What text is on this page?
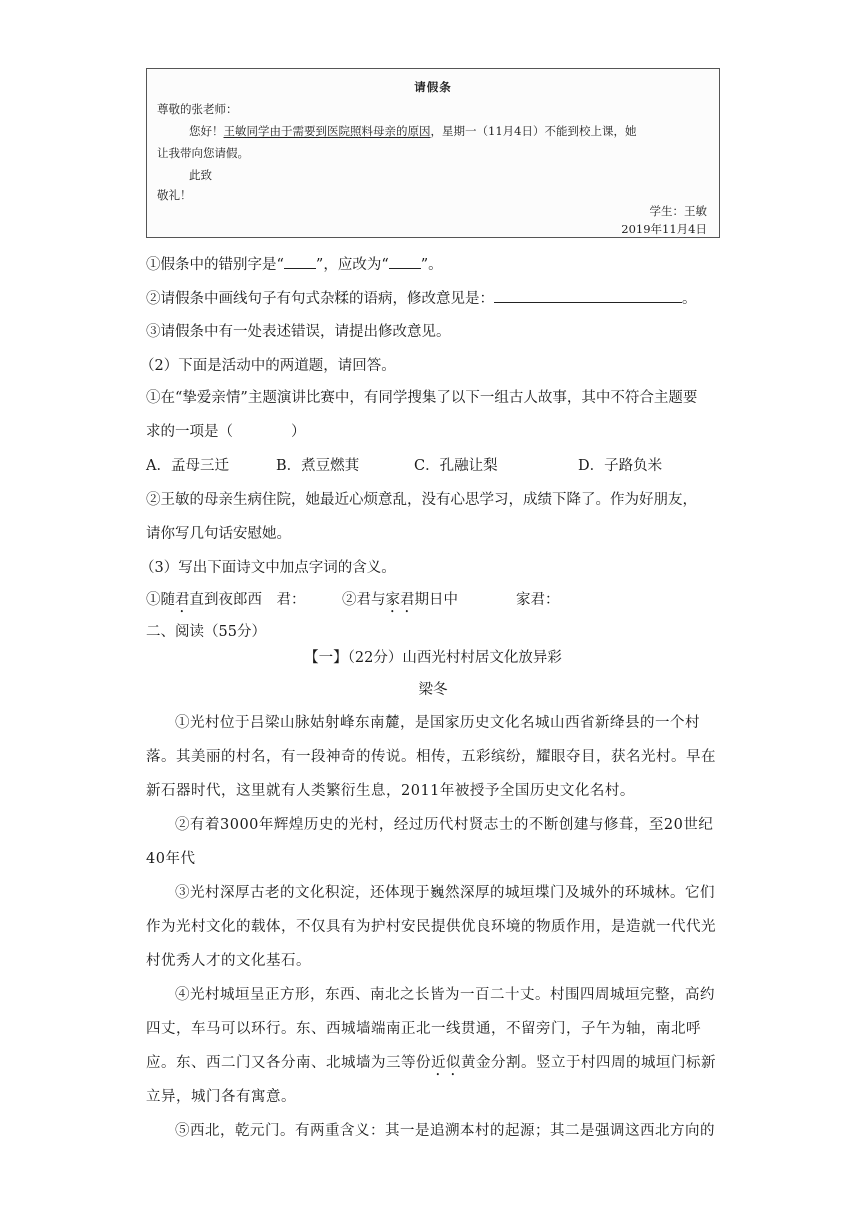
请假条
尊敬的张老师：
您好！王敏同学由于需要到医院照料母亲的原因，星期一（11月4日）不能到校上课，她
让我带向您请假。
此致
敬礼！
学生：王敏
2019年11月4日
①假条中的错别字是“ ”，应改为“ ”。
②请假条中画线句子有句式杂糅的语病，修改意见是：	。
③请假条中有一处表述错误，请提出修改意见。
（2）下面是活动中的两道题，请回答。
①在“挚爱亲情”主题演讲比赛中，有同学搜集了以下一组古人故事，其中不符合主题要
求的一项是（　　　　）
A．孟母三迁	B．煮豆燃萁	C．孔融让梨	D．子路负米
②王敏的母亲生病住院，她最近心烦意乱，没有心思学习，成绩下降了。作为好朋友，
请你写几句话安慰她。
（3）写出下面诗文中加点字词的含义。
①随君直到夜郎西　君：	②君与家君期日中	家君：
二、阅读（55分）
【一】（22分）山西光村村居文化放异彩
梁冬
①光村位于吕梁山脉姑射峰东南麓，是国家历史文化名城山西省新绛县的一个村落。其美丽的村名，有一段神奇的传说。相传，五彩缤纷，耀眼夺目，获名光村。早在新石器时代，这里就有人类繁衍生息，2011年被授予全国历史文化名村。
②有着3000年辉煌历史的光村，经过历代村贤志士的不断创建与修葺，至20世纪40年代
③光村深厚古老的文化积淀，还体现于巍然深厚的城垣堞门及城外的环城林。它们作为光村文化的载体，不仅具有为护村安民提供优良环境的物质作用，是造就一代代光村优秀人才的文化基石。
④光村城垣呈正方形，东西、南北之长皆为一百二十丈。村围四周城垣完整，高约四丈，车马可以环行。东、西城墙端南正北一线贯通，不留旁门，子午为轴，南北呼应。东、西二门又各分南、北城墙为三等份近似黄金分割。竖立于村四周的城垣门标新立异，城门各有寓意。
⑤西北，乾元门。有两重含义：其一是追溯本村的起源；其二是强调这西北方向的
